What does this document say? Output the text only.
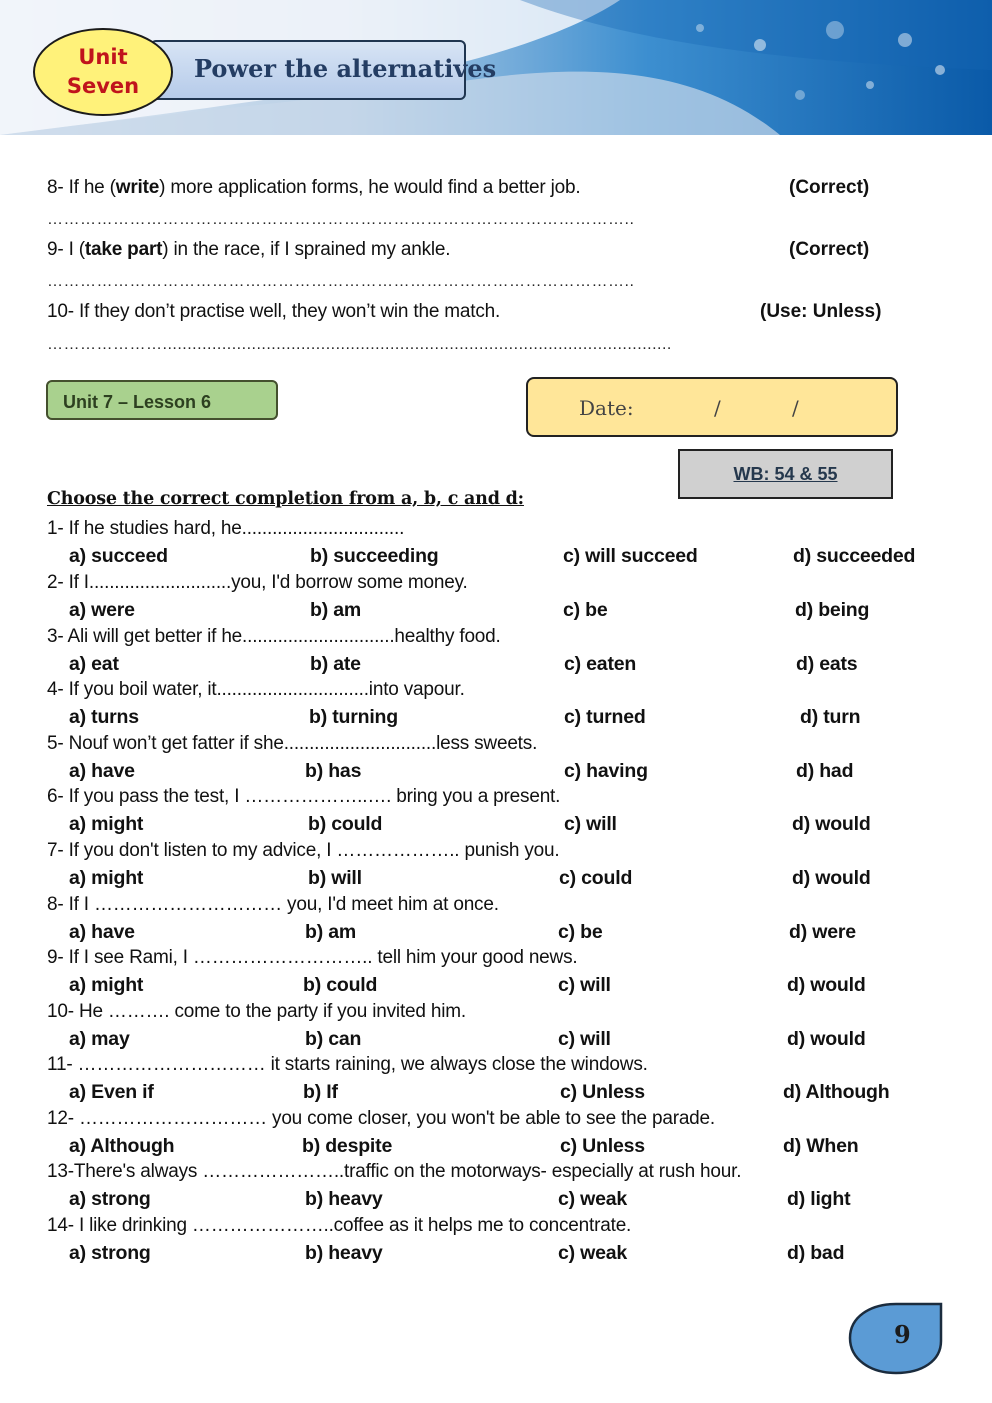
Power the alternatives
Unit
Seven
8- If he (write) more application forms, he would find a better job.	(Correct)
……………………………………………………………………………………………..
9- I (take part) in the race, if I sprained my ankle.	(Correct)
……………………………………………………………………………………………..
10- If they don’t practise well, they won’t win the match.	(Use: Unless)
………………….......................................................................................................
Unit 7 – Lesson 6	Date:	/	/
WB: 54 & 55
Choose the correct completion from a, b, c and d:
1- If he studies hard, he................................
a) succeed	b) succeeding	c) will succeed	d) succeeded
2- If I............................you, I'd borrow some money.
a) were	b) am	c) be	d) being
3- Ali will get better if he..............................healthy food.
a) eat	b) ate	c) eaten	d) eats
4- If you boil water, it..............................into vapour.
a) turns	b) turning	c) turned	d) turn
5- Nouf won’t get fatter if she..............................less sweets.
a) have	b) has	c) having	d) had
6- If you pass the test, I ………………..…. bring you a present.
a) might	b) could	c) will	d) would
7- If you don't listen to my advice, I ……………….. punish you.
a) might	b) will	c) could	d) would
8- If I ………………………… you, I'd meet him at once.
a) have	b) am	c) be	d) were
9- If I see Rami, I ……………………….. tell him your good news.
a) might	b) could	c) will	d) would
10- He ………. come to the party if you invited him.
a) may	b) can	c) will	d) would
11- ………………………… it starts raining, we always close the windows.
a) Even if	b) If	c) Unless	d) Although
12- ………………………… you come closer, you won't be able to see the parade.
a) Although	b) despite	c) Unless	d) When
13-There's always …………………..traffic on the motorways- especially at rush hour.
a) strong	b) heavy	c) weak	d) light
14- I like drinking …………………..coffee as it helps me to concentrate.
a) strong	b) heavy	c) weak	d) bad
9
